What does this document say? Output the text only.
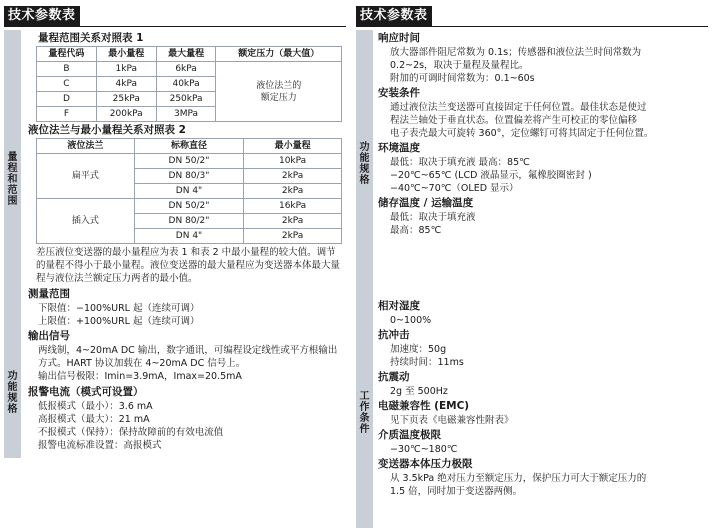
技术参数表
量程和范围
量程范围关系对照表 1
量程代码	最小量程	最大量程	额定压力（最大值）
B	1kPa	6kPa	液位法兰的
额定压力

C	4kPa	40kPa	
D	25kPa	250kPa	
F	200kPa	3MPa	
液位法兰与最小量程关系对照表 2
液位法兰	标称直径	最小量程
扁平式	DN 50/2"	10kPa
	DN 80/3"	2kPa
	DN 4"	2kPa
插入式	DN 50/2"	16kPa
	DN 80/2"	2kPa
	DN 4"	2kPa
差压液位变送器的最小量程应为表 1 和表 2 中最小量程的较大值。调节的量程不得小于最小量程。液位变送器的最大量程应为变送器本体最大量程与液位法兰额定压力两者的最小值。
测量范围
下限值：−100%URL 起（连续可调）
上限值：+100%URL 起（连续可调）
功能规格
输出信号
两线制，4~20mA DC 输出，数字通讯，可编程设定线性或平方根输出方式。HART 协议加载在 4~20mA DC 信号上。
输出信号极限：Imin=3.9mA，Imax=20.5mA
报警电流（模式可设置）
低报模式（最小）：3.6 mA
高报模式（最大）：21 mA
不报模式（保持）：保持故障前的有效电流值
报警电流标准设置：高报模式
技术参数表
功能规格
响应时间
放大器部件阻尼常数为 0.1s；传感器和液位法兰时间常数为
0.2~2s，取决于量程及量程比。
附加的可调时间常数为：0.1~60s
安装条件
通过液位法兰变送器可直接固定于任何位置。最佳状态是使过
程法兰轴处于垂直状态。位置偏差将产生可校正的零位偏移
电子表壳最大可旋转 360°，定位螺钉可将其固定于任何位置。
环境温度
最低：取决于填充液 最高：85℃
−20℃~65℃ (LCD 液晶显示，氟橡胶圈密封 )
−40℃~70℃（OLED 显示）
储存温度 / 运输温度
最低：取决于填充液
最高：85℃
工作条件
相对湿度
0~100%
抗冲击
加速度：50g
持续时间：11ms
抗震动
2g 至 500Hz
电磁兼容性 (EMC)
见下页表《电磁兼容性附表》
介质温度极限
−30℃~180℃
变送器本体压力极限
从 3.5kPa 绝对压力至额定压力，保护压力可大于额定压力的
1.5 倍，同时加于变送器两侧。
